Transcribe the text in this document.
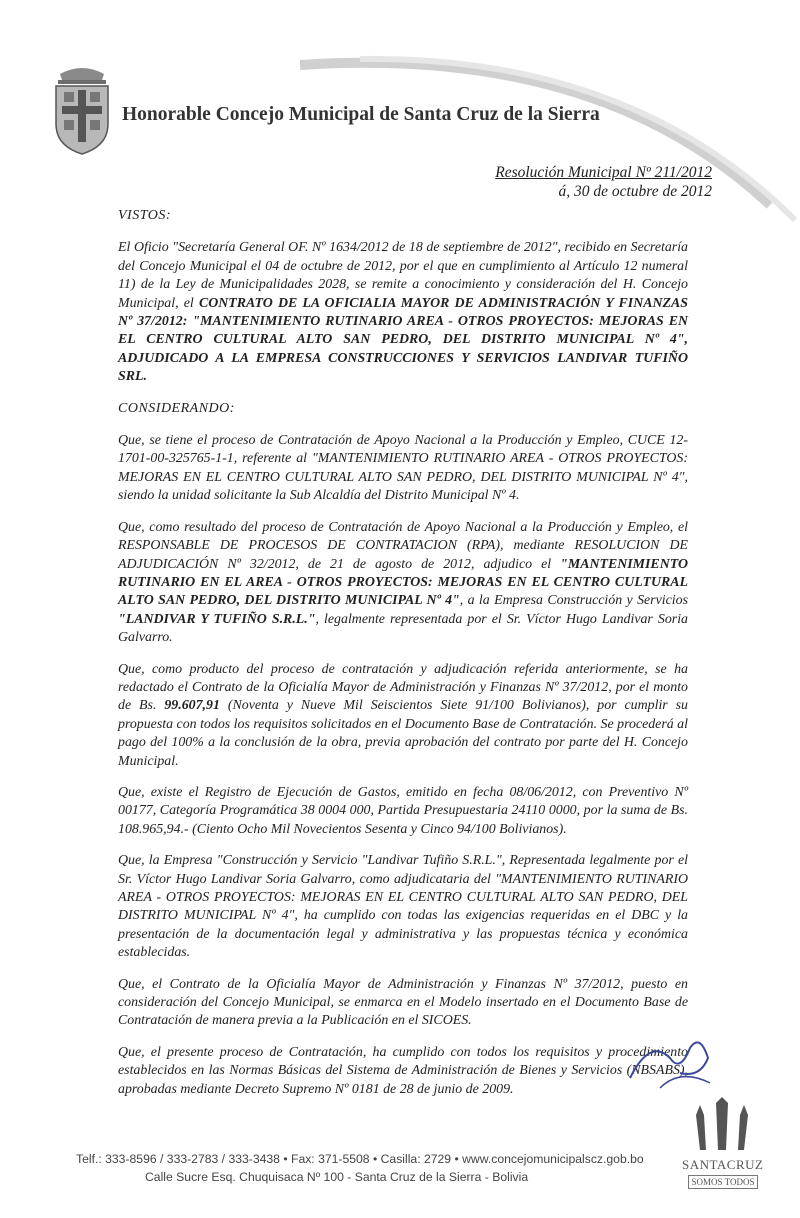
Honorable Concejo Municipal de Santa Cruz de la Sierra
Resolución Municipal Nº 211/2012
á, 30 de octubre de 2012

VISTOS:

El Oficio "Secretaría General OF. Nº 1634/2012 de 18 de septiembre de 2012", recibido en Secretaría del Concejo Municipal el 04 de octubre de 2012, por el que en cumplimiento al Artículo 12 numeral 11) de la Ley de Municipalidades 2028, se remite a conocimiento y consideración del H. Concejo Municipal, el CONTRATO DE LA OFICIALIA MAYOR DE ADMINISTRACIÓN Y FINANZAS Nº 37/2012: "MANTENIMIENTO RUTINARIO AREA - OTROS PROYECTOS: MEJORAS EN EL CENTRO CULTURAL ALTO SAN PEDRO, DEL DISTRITO MUNICIPAL Nº 4", ADJUDICADO A LA EMPRESA CONSTRUCCIONES Y SERVICIOS LANDIVAR TUFIÑO SRL.

CONSIDERANDO:

Que, se tiene el proceso de Contratación de Apoyo Nacional a la Producción y Empleo, CUCE 12-1701-00-325765-1-1, referente al "MANTENIMIENTO RUTINARIO AREA - OTROS PROYECTOS: MEJORAS EN EL CENTRO CULTURAL ALTO SAN PEDRO, DEL DISTRITO MUNICIPAL Nº 4", siendo la unidad solicitante la Sub Alcaldía del Distrito Municipal Nº 4.

Que, como resultado del proceso de Contratación de Apoyo Nacional a la Producción y Empleo, el RESPONSABLE DE PROCESOS DE CONTRATACION (RPA), mediante RESOLUCION DE ADJUDICACIÓN Nº 32/2012, de 21 de agosto de 2012, adjudico el "MANTENIMIENTO RUTINARIO EN EL AREA - OTROS PROYECTOS: MEJORAS EN EL CENTRO CULTURAL ALTO SAN PEDRO, DEL DISTRITO MUNICIPAL Nº 4", a la Empresa Construcción y Servicios "LANDIVAR Y TUFIÑO S.R.L.", legalmente representada por el Sr. Víctor Hugo Landivar Soria Galvarro.

Que, como producto del proceso de contratación y adjudicación referida anteriormente, se ha redactado el Contrato de la Oficialía Mayor de Administración y Finanzas Nº 37/2012, por el monto de Bs. 99.607,91 (Noventa y Nueve Mil Seiscientos Siete 91/100 Bolivianos), por cumplir su propuesta con todos los requisitos solicitados en el Documento Base de Contratación. Se procederá al pago del 100% a la conclusión de la obra, previa aprobación del contrato por parte del H. Concejo Municipal.

Que, existe el Registro de Ejecución de Gastos, emitido en fecha 08/06/2012, con Preventivo Nº 00177, Categoría Programática 38 0004 000, Partida Presupuestaria 24110 0000, por la suma de Bs. 108.965,94.- (Ciento Ocho Mil Novecientos Sesenta y Cinco 94/100 Bolivianos).

Que, la Empresa "Construcción y Servicio "Landivar Tufiño S.R.L.", Representada legalmente por el Sr. Víctor Hugo Landivar Soria Galvarro, como adjudicataria del "MANTENIMIENTO RUTINARIO AREA - OTROS PROYECTOS: MEJORAS EN EL CENTRO CULTURAL ALTO SAN PEDRO, DEL DISTRITO MUNICIPAL Nº 4", ha cumplido con todas las exigencias requeridas en el DBC y la presentación de la documentación legal y administrativa y las propuestas técnica y económica establecidas.

Que, el Contrato de la Oficialía Mayor de Administración y Finanzas Nº 37/2012, puesto en consideración del Concejo Municipal, se enmarca en el Modelo insertado en el Documento Base de Contratación de manera previa a la Publicación en el SICOES.

Que, el presente proceso de Contratación, ha cumplido con todos los requisitos y procedimiento establecidos en las Normas Básicas del Sistema de Administración de Bienes y Servicios (NBSABS), aprobadas mediante Decreto Supremo Nº 0181 de 28 de junio de 2009.

Telf.: 333-8596 / 333-2783 / 333-3438 • Fax: 371-5508 • Casilla: 2729 • www.concejomunicipalscz.gob.bo
Calle Sucre Esq. Chuquisaca Nº 100 - Santa Cruz de la Sierra - Bolivia
SANTACRUZ
SOMOS TODOS
